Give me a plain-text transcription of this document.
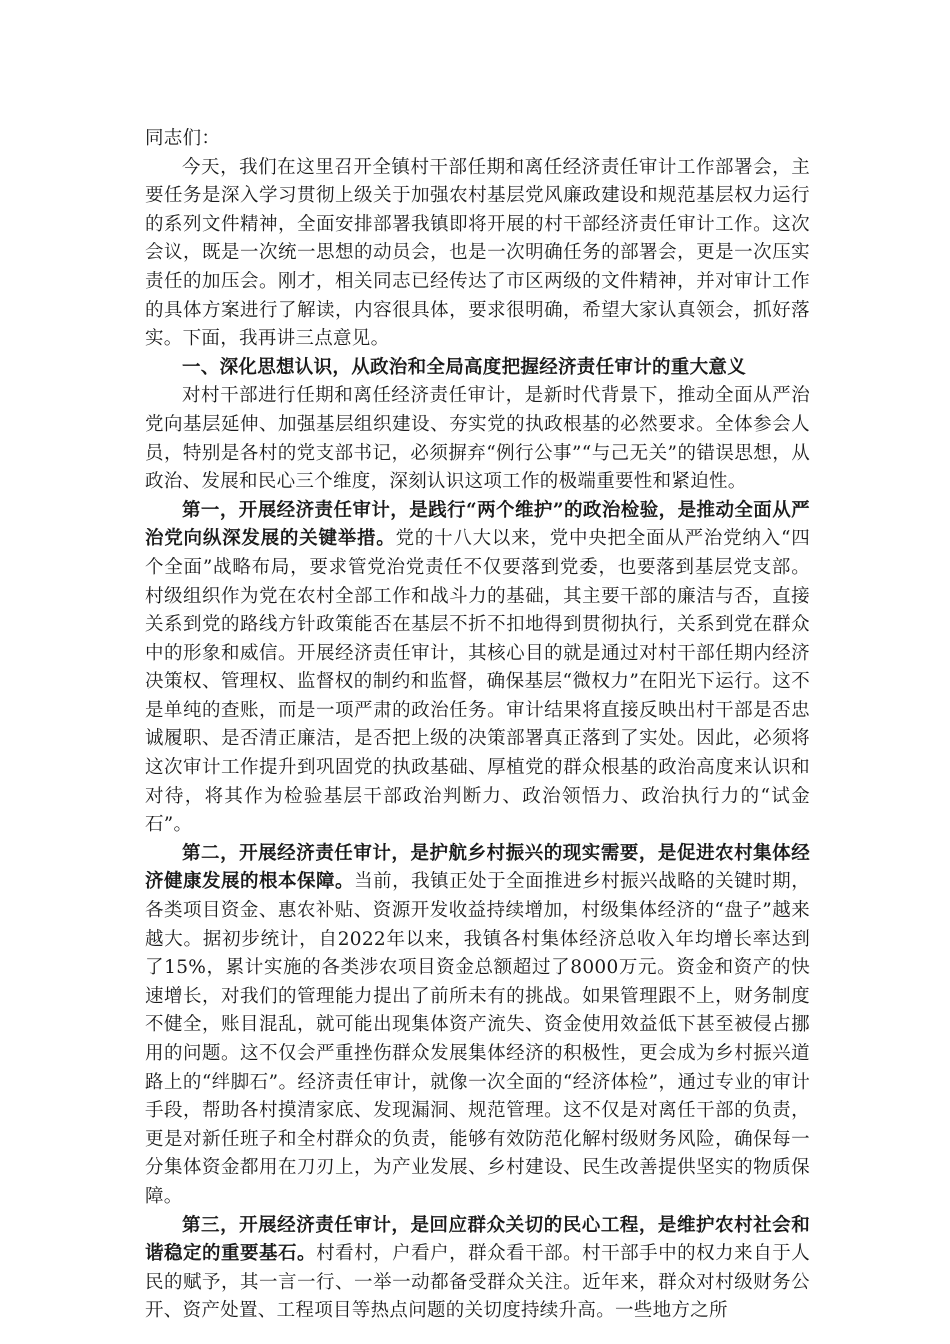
同志们：

今天，我们在这里召开全镇村干部任期和离任经济责任审计工作部署会，主要任务是深入学习贯彻上级关于加强农村基层党风廉政建设和规范基层权力运行的系列文件精神，全面安排部署我镇即将开展的村干部经济责任审计工作。这次会议，既是一次统一思想的动员会，也是一次明确任务的部署会，更是一次压实责任的加压会。刚才，相关同志已经传达了市区两级的文件精神，并对审计工作的具体方案进行了解读，内容很具体，要求很明确，希望大家认真领会，抓好落实。下面，我再讲三点意见。

一、深化思想认识，从政治和全局高度把握经济责任审计的重大意义

对村干部进行任期和离任经济责任审计，是新时代背景下，推动全面从严治党向基层延伸、加强基层组织建设、夯实党的执政根基的必然要求。全体参会人员，特别是各村的党支部书记，必须摒弃“例行公事”“与己无关”的错误思想，从政治、发展和民心三个维度，深刻认识这项工作的极端重要性和紧迫性。

第一，开展经济责任审计，是践行“两个维护”的政治检验，是推动全面从严治党向纵深发展的关键举措。党的十八大以来，党中央把全面从严治党纳入“四个全面”战略布局，要求管党治党责任不仅要落到党委，也要落到基层党支部。村级组织作为党在农村全部工作和战斗力的基础，其主要干部的廉洁与否，直接关系到党的路线方针政策能否在基层不折不扣地得到贯彻执行，关系到党在群众中的形象和威信。开展经济责任审计，其核心目的就是通过对村干部任期内经济决策权、管理权、监督权的制约和监督，确保基层“微权力”在阳光下运行。这不是单纯的查账，而是一项严肃的政治任务。审计结果将直接反映出村干部是否忠诚履职、是否清正廉洁，是否把上级的决策部署真正落到了实处。因此，必须将这次审计工作提升到巩固党的执政基础、厚植党的群众根基的政治高度来认识和对待，将其作为检验基层干部政治判断力、政治领悟力、政治执行力的“试金石”。

第二，开展经济责任审计，是护航乡村振兴的现实需要，是促进农村集体经济健康发展的根本保障。当前，我镇正处于全面推进乡村振兴战略的关键时期，各类项目资金、惠农补贴、资源开发收益持续增加，村级集体经济的“盘子”越来越大。据初步统计，自2022年以来，我镇各村集体经济总收入年均增长率达到了15%，累计实施的各类涉农项目资金总额超过了8000万元。资金和资产的快速增长，对我们的管理能力提出了前所未有的挑战。如果管理跟不上，财务制度不健全，账目混乱，就可能出现集体资产流失、资金使用效益低下甚至被侵占挪用的问题。这不仅会严重挫伤群众发展集体经济的积极性，更会成为乡村振兴道路上的“绊脚石”。经济责任审计，就像一次全面的“经济体检”，通过专业的审计手段，帮助各村摸清家底、发现漏洞、规范管理。这不仅是对离任干部的负责，更是对新任班子和全村群众的负责，能够有效防范化解村级财务风险，确保每一分集体资金都用在刀刃上，为产业发展、乡村建设、民生改善提供坚实的物质保障。

第三，开展经济责任审计，是回应群众关切的民心工程，是维护农村社会和谐稳定的重要基石。村看村，户看户，群众看干部。村干部手中的权力来自于人民的赋予，其一言一行、一举一动都备受群众关注。近年来，群众对村级财务公开、资产处置、工程项目等热点问题的关切度持续升高。一些地方之所
